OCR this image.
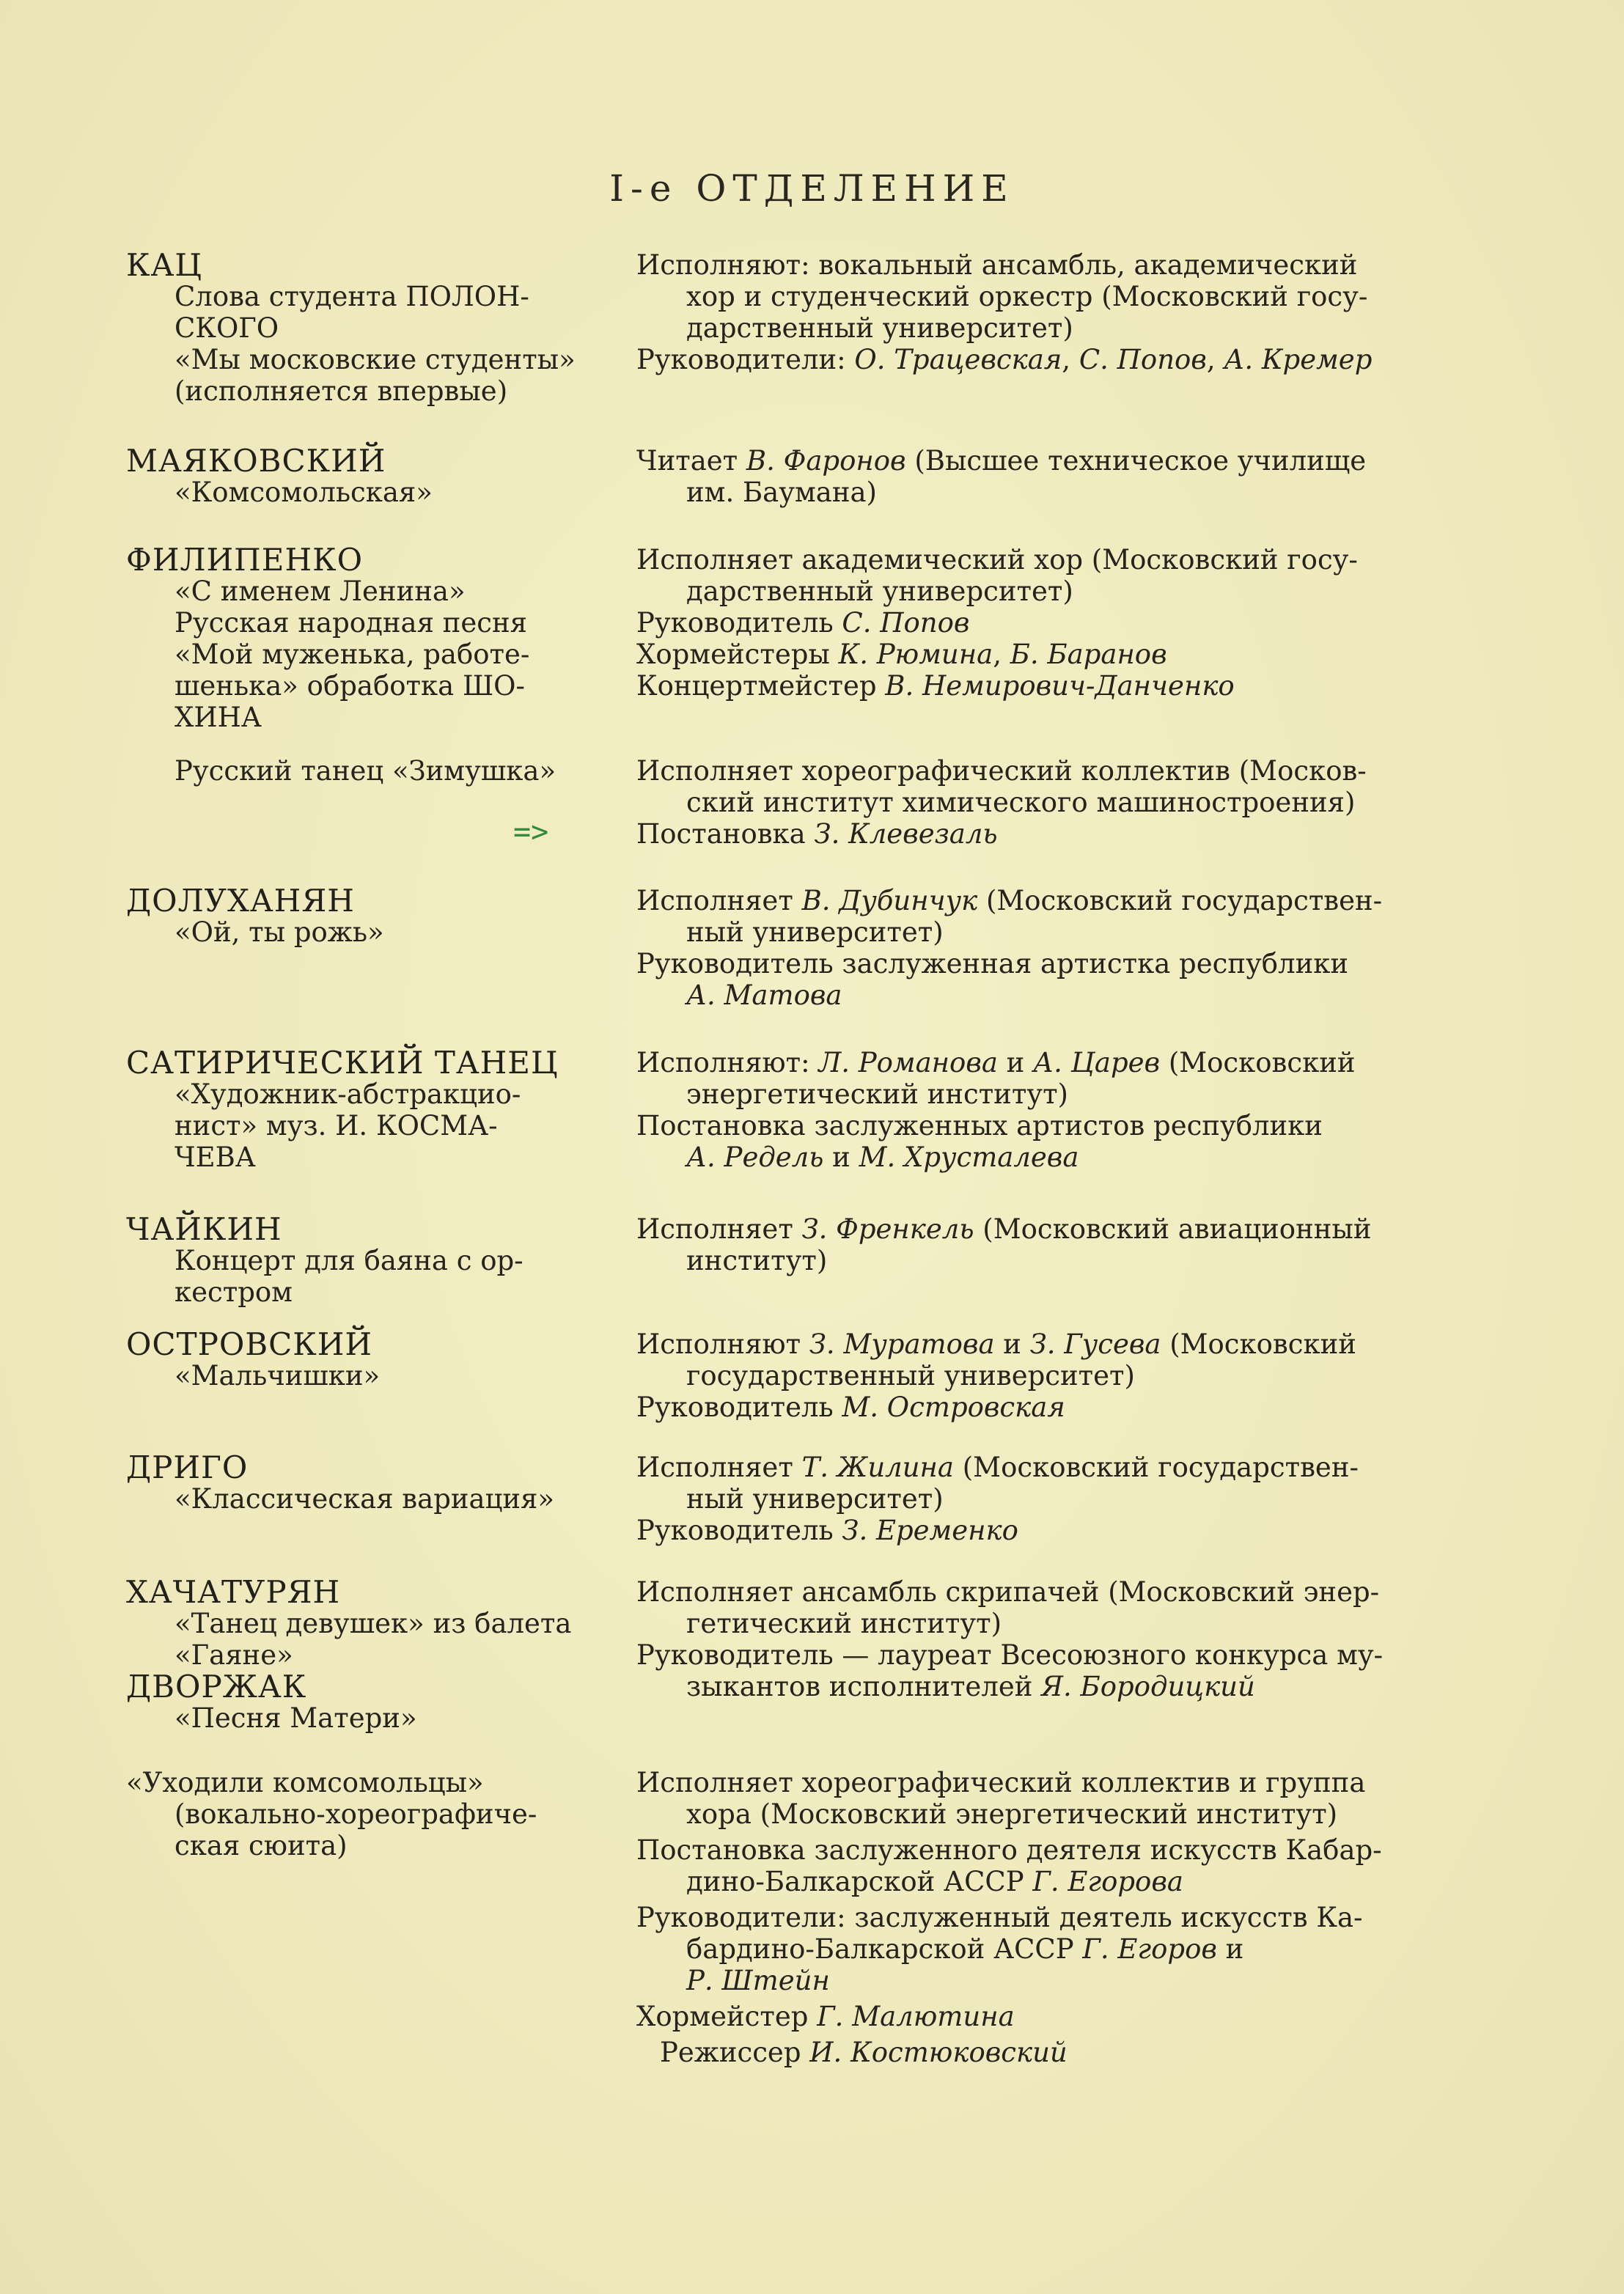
I-е ОТДЕЛЕНИЕ
=>
КАЦ
Слова студента ПОЛОН-
СКОГО
«Мы московские студенты»
(исполняется впервые)
Исполняют: вокальный ансамбль, академический
хор и студенческий оркестр (Московский госу-
дарственный университет)
Руководители: О. Трацевская, С. Попов, А. Кремер
МАЯКОВСКИЙ
«Комсомольская»
Читает В. Фаронов (Высшее техническое училище
им. Баумана)
ФИЛИПЕНКО
«С именем Ленина»
Русская народная песня
«Мой муженька, работе-
шенька» обработка ШО-
ХИНА
Исполняет академический хор (Московский госу-
дарственный университет)
Руководитель С. Попов
Хормейстеры К. Рюмина, Б. Баранов
Концертмейстер В. Немирович-Данченко
Русский танец «Зимушка»	Исполняет хореографический коллектив (Москов-
ский институт химического машиностроения)
Постановка З. Клевезаль
ДОЛУХАНЯН
«Ой, ты рожь»
Исполняет В. Дубинчук (Московский государствен-
ный университет)
Руководитель заслуженная артистка республики
А. Матова
САТИРИЧЕСКИЙ ТАНЕЦ
«Художник-абстракцио-
нист» муз. И. КОСМА-
ЧЕВА
Исполняют: Л. Романова и А. Царев (Московский
энергетический институт)
Постановка заслуженных артистов республики
А. Редель и М. Хрусталева
ЧАЙКИН
Концерт для баяна с ор-
кестром
Исполняет З. Френкель (Московский авиационный
институт)
ОСТРОВСКИЙ
«Мальчишки»
Исполняют З. Муратова и З. Гусева (Московский
государственный университет)
Руководитель М. Островская
ДРИГО
«Классическая вариация»
Исполняет Т. Жилина (Московский государствен-
ный университет)
Руководитель З. Еременко
ХАЧАТУРЯН
«Танец девушек» из балета
«Гаяне»
ДВОРЖАК
«Песня Матери»
Исполняет ансамбль скрипачей (Московский энер-
гетический институт)
Руководитель — лауреат Всесоюзного конкурса му-
зыкантов исполнителей Я. Бородицкий
«Уходили комсомольцы»
(вокально-хореографиче-
ская сюита)
Исполняет хореографический коллектив и группа
хора (Московский энергетический институт)
Постановка заслуженного деятеля искусств Кабар-
дино-Балкарской АССР Г. Егорова
Руководители: заслуженный деятель искусств Ка-
бардино-Балкарской АССР Г. Егоров и
Р. Штейн
Хормейстер Г. Малютина
Режиссер И. Костюковский
